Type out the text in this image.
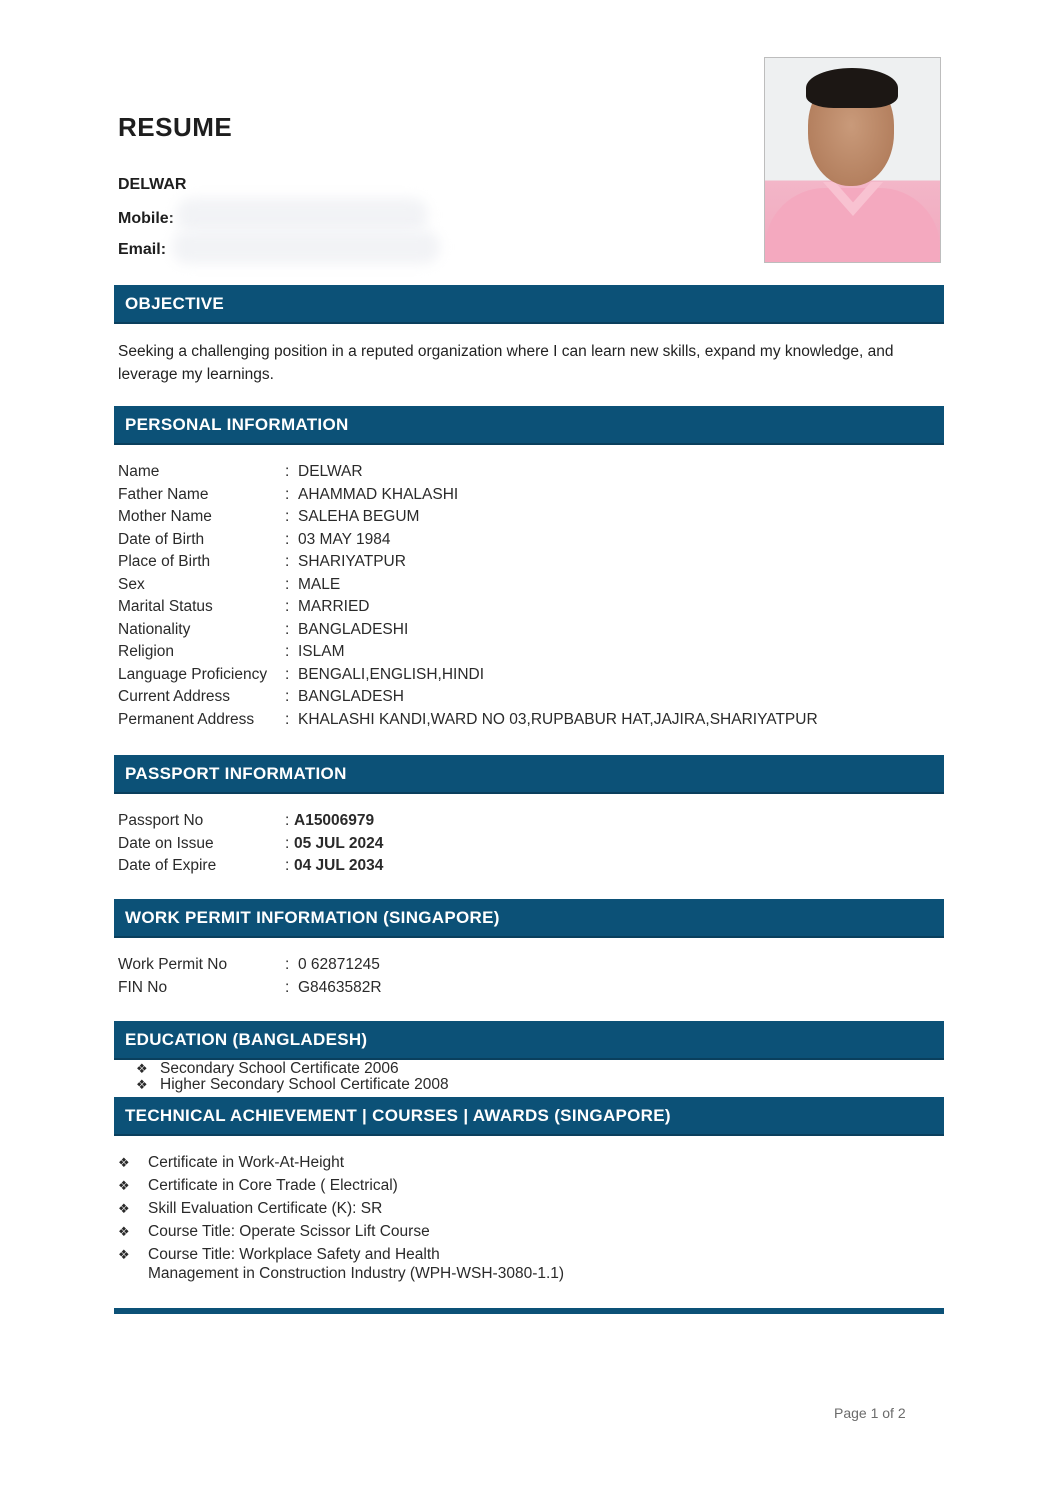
RESUME
DELWAR
Mobile:
Email:
OBJECTIVE
Seeking a challenging position in a reputed organization where I can learn new skills, expand my knowledge, and leverage my learnings.
PERSONAL INFORMATION
Name	: DELWAR
Father Name	: AHAMMAD KHALASHI
Mother Name	: SALEHA BEGUM
Date of Birth	: 03 MAY 1984
Place of Birth	: SHARIYATPUR
Sex	: MALE
Marital Status	: MARRIED
Nationality	: BANGLADESHI
Religion	: ISLAM
Language Proficiency : BENGALI,ENGLISH,HINDI
Current Address	: BANGLADESH
Permanent Address : KHALASHI KANDI,WARD NO 03,RUPBABUR HAT,JAJIRA,SHARIYATPUR
PASSPORT INFORMATION
Passport No	: A15006979
Date on Issue	: 05 JUL 2024
Date of Expire	: 04 JUL 2034
WORK PERMIT INFORMATION (SINGAPORE)
Work Permit No	: 0 62871245
FIN No	: G8463582R
EDUCATION (BANGLADESH)
❖ Secondary School Certificate 2006
❖ Higher Secondary School Certificate 2008
TECHNICAL ACHIEVEMENT | COURSES | AWARDS (SINGAPORE)
❖ Certificate in Work-At-Height
❖ Certificate in Core Trade ( Electrical)
❖ Skill Evaluation Certificate (K): SR
❖ Course Title: Operate Scissor Lift Course
❖ Course Title: Workplace Safety and Health
Management in Construction Industry (WPH-WSH-3080-1.1)
Page 1 of 2
